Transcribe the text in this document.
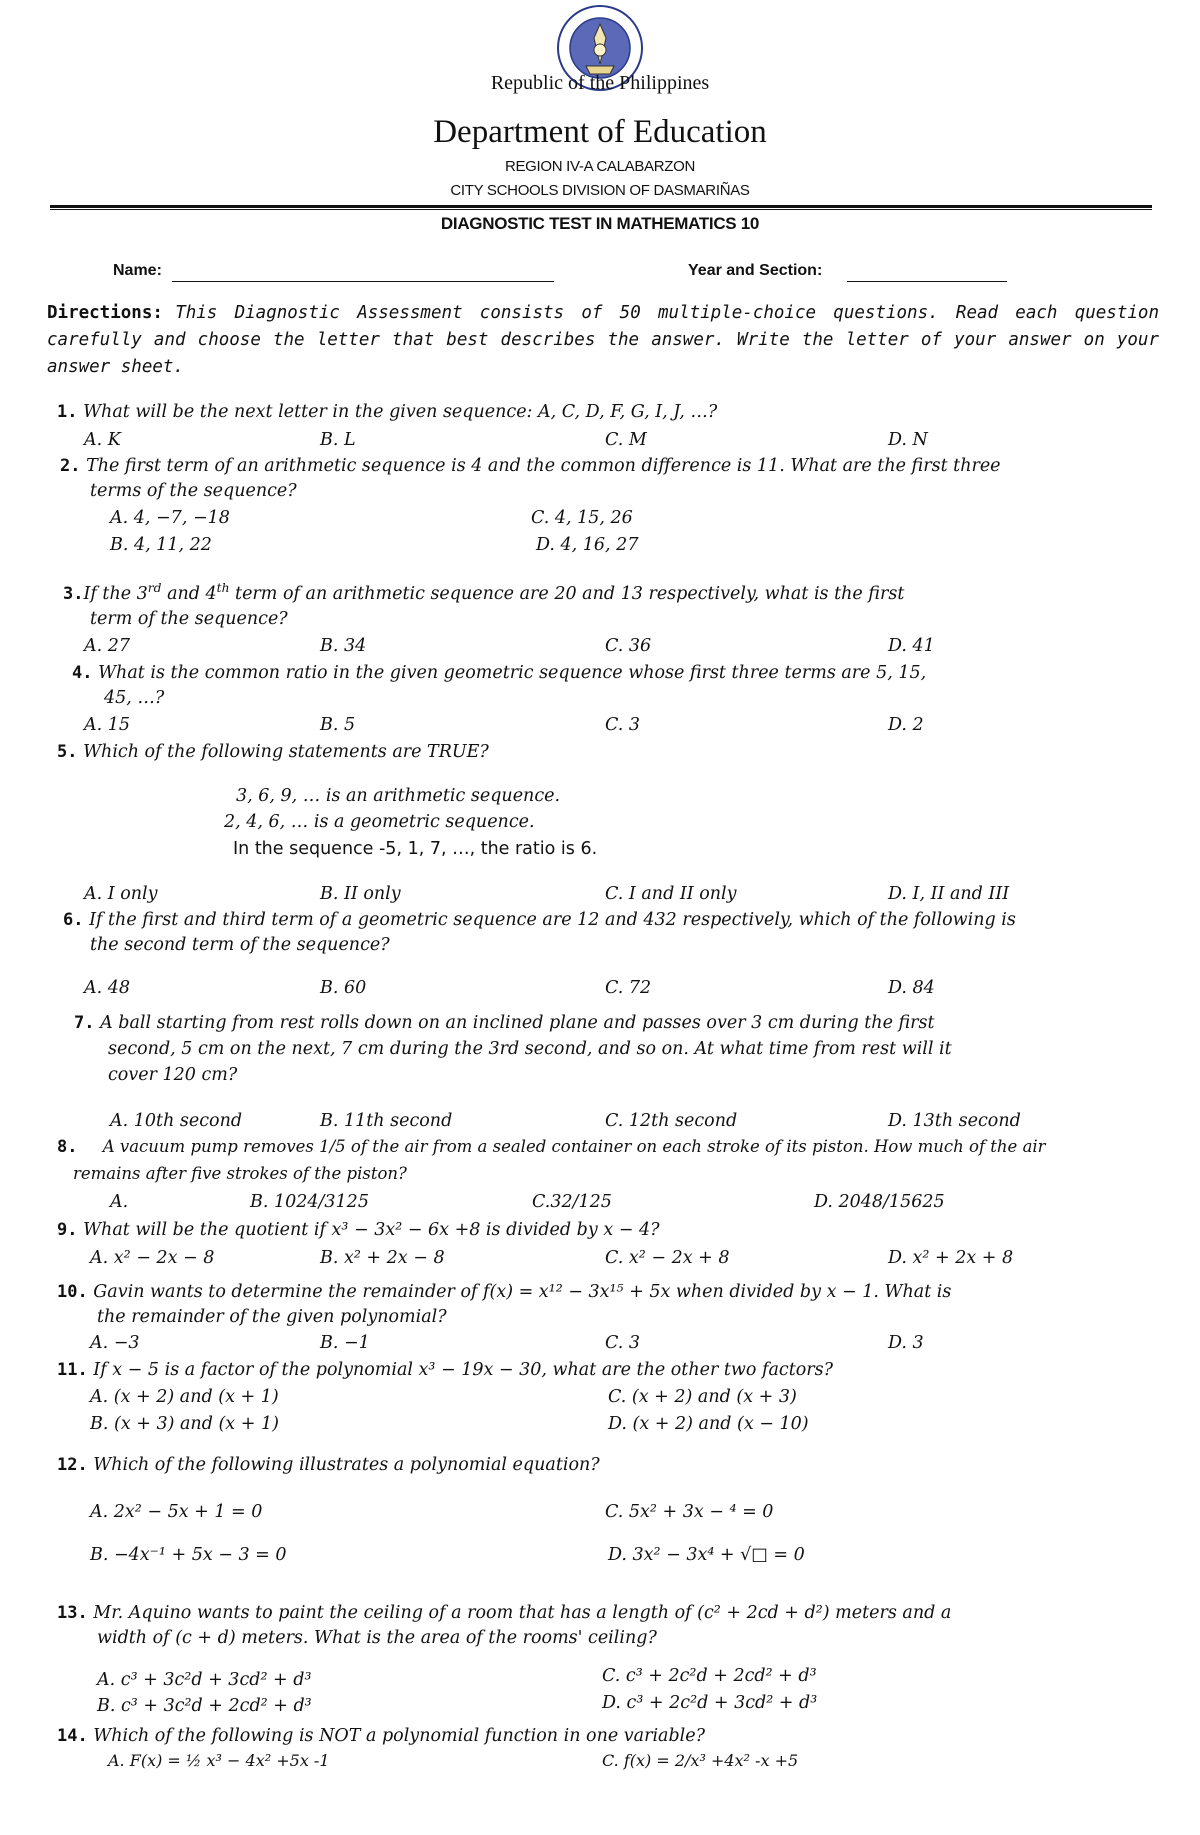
Republic of the Philippines
Department of Education
REGION IV-A CALABARZON
CITY SCHOOLS DIVISION OF DASMARIÑAS
DIAGNOSTIC TEST IN MATHEMATICS 10
Name:	Year and Section:
Directions: This Diagnostic Assessment consists of 50 multiple-choice questions. Read each question carefully and choose the letter that best describes the answer. Write the letter of your answer on your answer sheet.
1. What will be the next letter in the given sequence: A, C, D, F, G, I, J, …?
A. K	B. L	C. M	D. N
2. The first term of an arithmetic sequence is 4 and the common difference is 11. What are the first three
terms of the sequence?
A. 4, −7, −18	C. 4, 15, 26
B. 4, 11, 22	D. 4, 16, 27
3.If the 3rd and 4th term of an arithmetic sequence are 20 and 13 respectively, what is the first
term of the sequence?
A. 27	B. 34	C. 36	D. 41
4. What is the common ratio in the given geometric sequence whose first three terms are 5, 15,
45, …?
A. 15	B. 5	C. 3	D. 2
5. Which of the following statements are TRUE?
3, 6, 9, … is an arithmetic sequence.
2, 4, 6, … is a geometric sequence.
In the sequence -5, 1, 7, …, the ratio is 6.
A. I only	B. II only	C. I and II only	D. I, II and III
6. If the first and third term of a geometric sequence are 12 and 432 respectively, which of the following is
the second term of the sequence?
A. 48	B. 60	C. 72	D. 84
7. A ball starting from rest rolls down on an inclined plane and passes over 3 cm during the first
second, 5 cm on the next, 7 cm during the 3rd second, and so on. At what time from rest will it
cover 120 cm?
A. 10th second	B. 11th second	C. 12th second	D. 13th second
8. A vacuum pump removes 1/5 of the air from a sealed container on each stroke of its piston. How much of the air
remains after five strokes of the piston?
A.	B. 1024/3125	C.32/125	D. 2048/15625
9. What will be the quotient if x³ − 3x² − 6x +8 is divided by x − 4?
A. x² − 2x − 8	B. x² + 2x − 8	C. x² − 2x + 8	D. x² + 2x + 8
10. Gavin wants to determine the remainder of f(x) = x¹² − 3x¹⁵ + 5x when divided by x − 1. What is
the remainder of the given polynomial?
A. −3	B. −1	C. 3	D. 3
11. If x − 5 is a factor of the polynomial x³ − 19x − 30, what are the other two factors?
A. (x + 2) and (x + 1)	C. (x + 2) and (x + 3)
B. (x + 3) and (x + 1)	D. (x + 2) and (x − 10)
12. Which of the following illustrates a polynomial equation?
A. 2x² − 5x + 1 = 0	C. 5x² + 3x − ⁴ = 0
B. −4x⁻¹ + 5x − 3 = 0	D. 3x² − 3x⁴ + √□ = 0
13. Mr. Aquino wants to paint the ceiling of a room that has a length of (c² + 2cd + d²) meters and a
width of (c + d) meters. What is the area of the rooms' ceiling?
A. c³ + 3c²d + 3cd² + d³	C. c³ + 2c²d + 2cd² + d³
B. c³ + 3c²d + 2cd² + d³	D. c³ + 2c²d + 3cd² + d³
14. Which of the following is NOT a polynomial function in one variable?
A. F(x) = ½ x³ − 4x² +5x -1	C. f(x) = 2/x³ +4x² -x +5
